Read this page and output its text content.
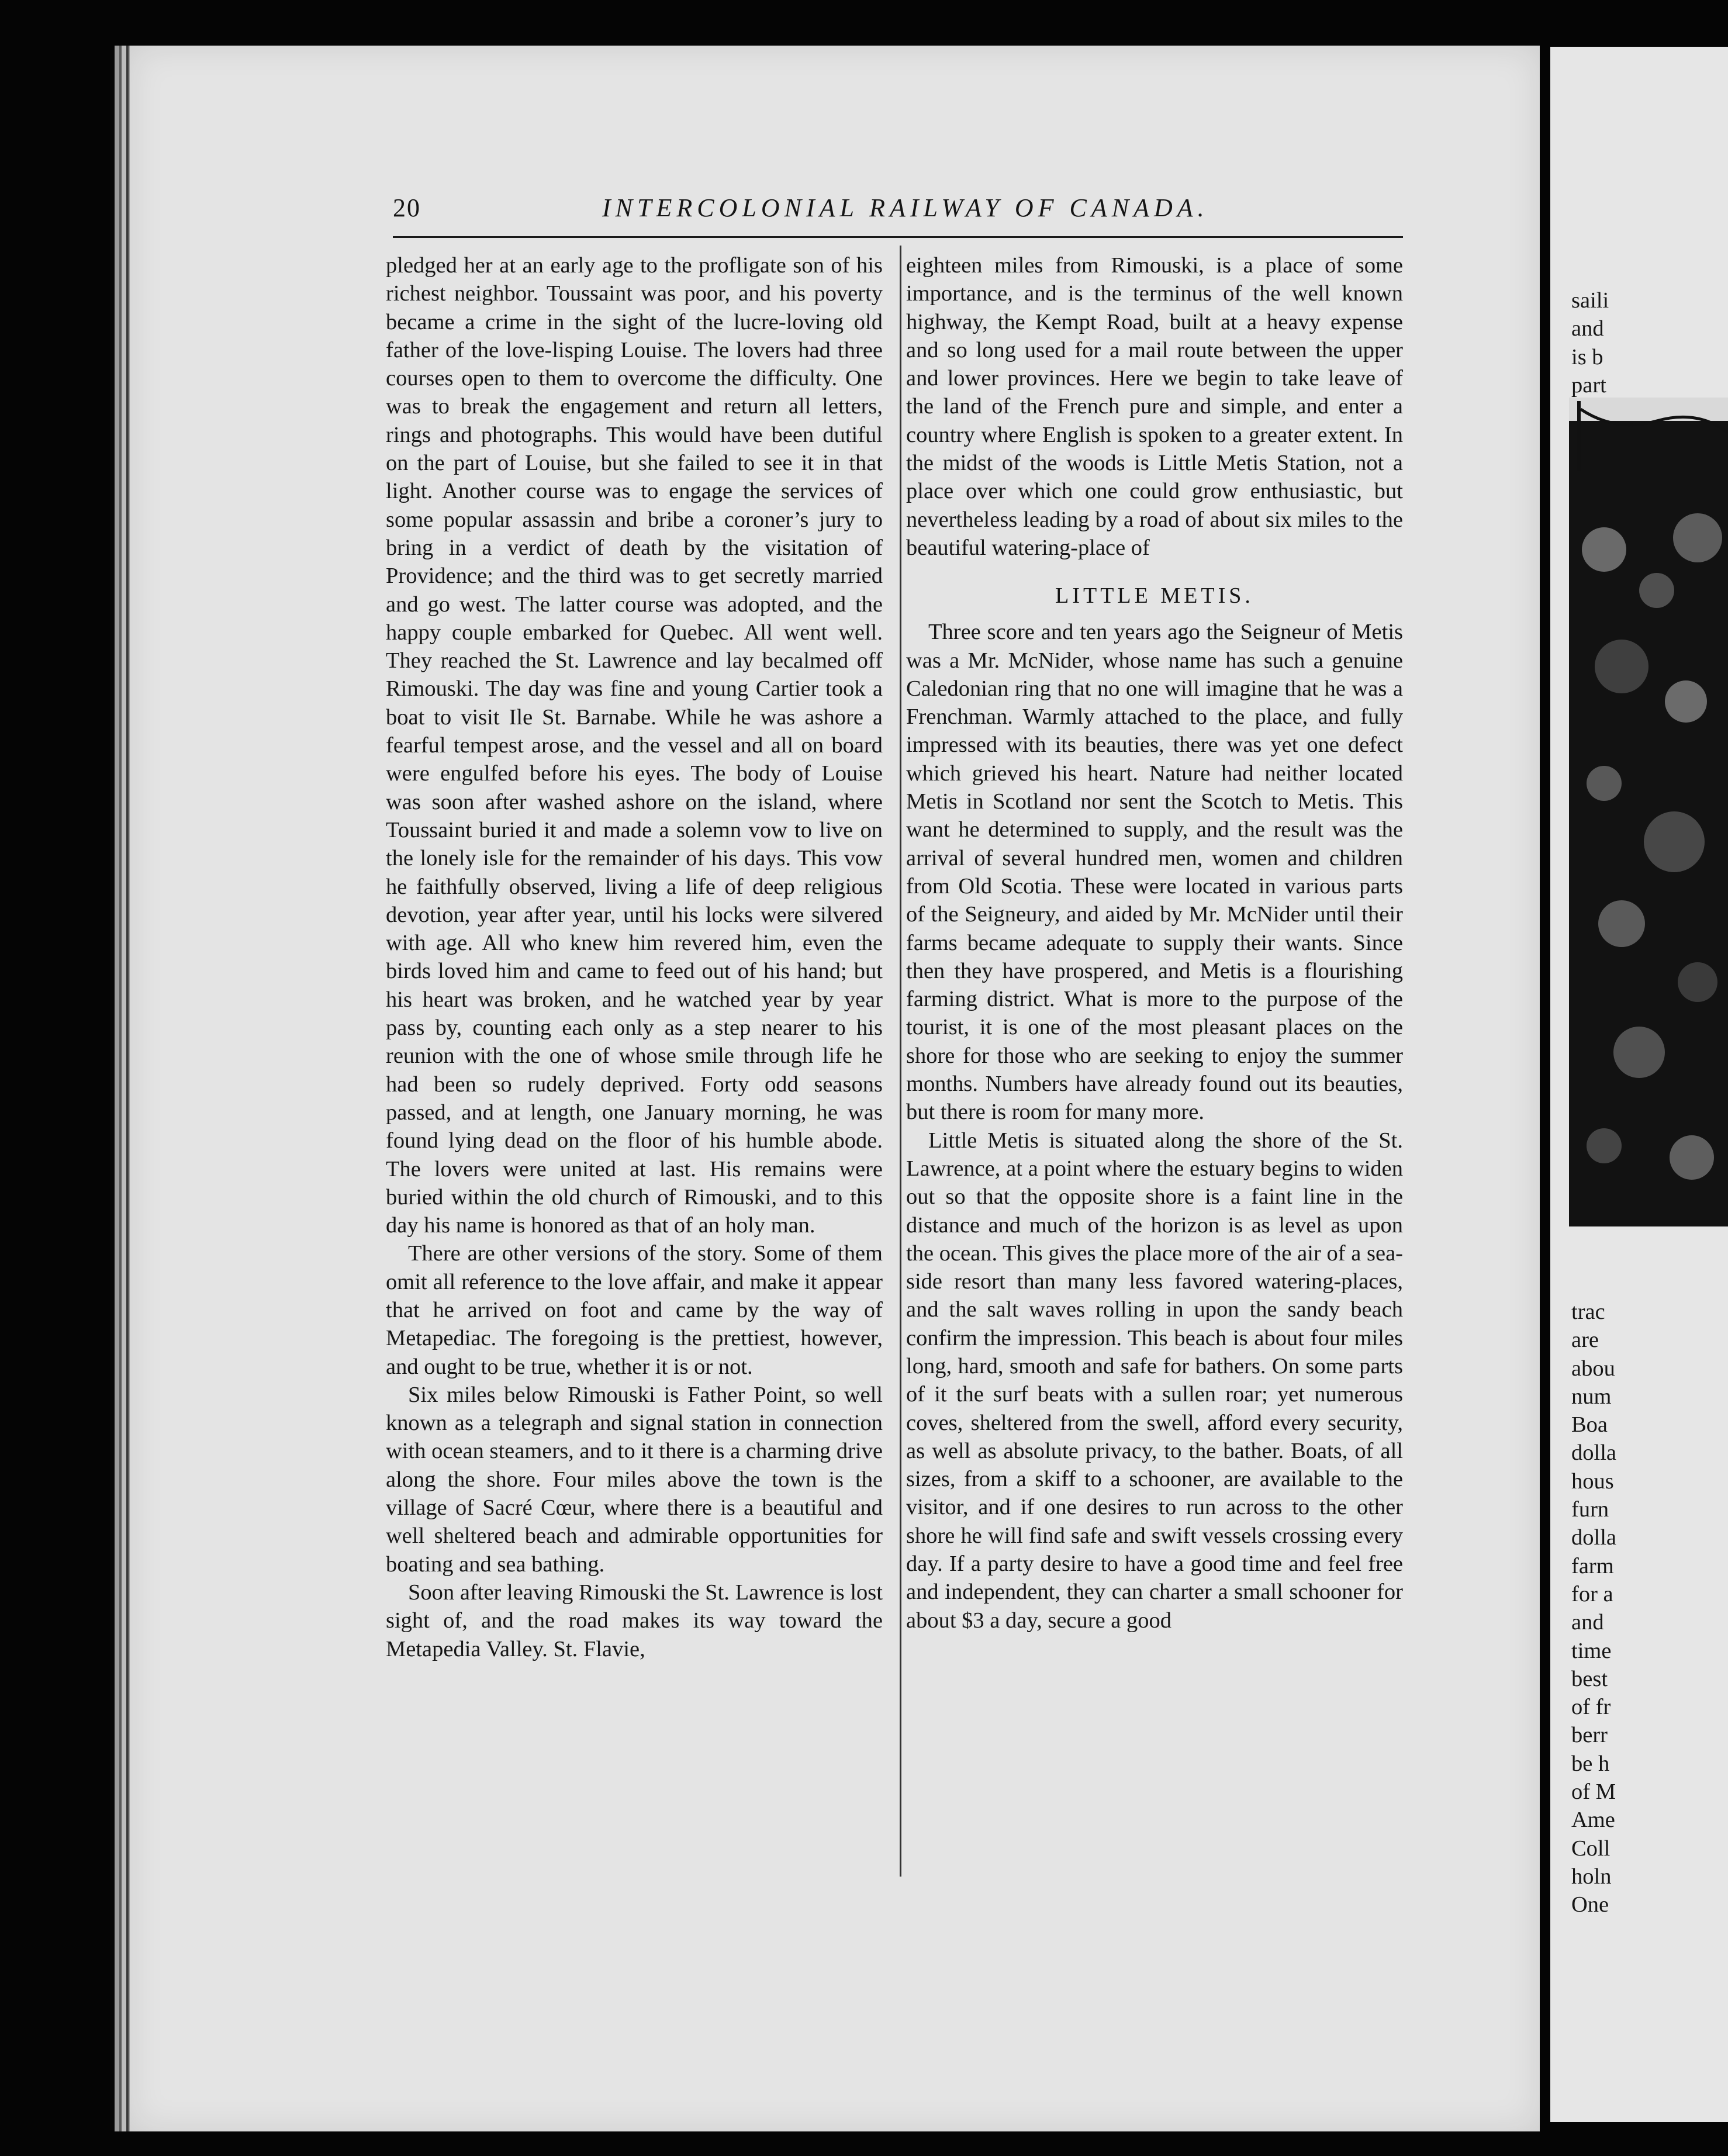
20	INTERCOLONIAL RAILWAY OF CANADA.

pledged her at an early age to the profligate son of his richest neighbor. Toussaint was poor, and his poverty became a crime in the sight of the lucre-loving old father of the love-lisping Louise. The lovers had three courses open to them to overcome the difficulty. One was to break the engagement and return all letters, rings and photographs. This would have been dutiful on the part of Louise, but she failed to see it in that light. Another course was to engage the services of some popular assassin and bribe a coroner’s jury to bring in a verdict of death by the visitation of Providence; and the third was to get secretly married and go west. The latter course was adopted, and the happy couple embarked for Quebec. All went well. They reached the St. Lawrence and lay becalmed off Rimouski. The day was fine and young Cartier took a boat to visit Ile St. Barnabe. While he was ashore a fearful tempest arose, and the vessel and all on board were engulfed before his eyes. The body of Louise was soon after washed ashore on the island, where Toussaint buried it and made a solemn vow to live on the lonely isle for the remainder of his days. This vow he faithfully observed, living a life of deep religious devotion, year after year, until his locks were silvered with age. All who knew him revered him, even the birds loved him and came to feed out of his hand; but his heart was broken, and he watched year by year pass by, counting each only as a step nearer to his reunion with the one of whose smile through life he had been so rudely deprived. Forty odd seasons passed, and at length, one January morning, he was found lying dead on the floor of his humble abode. The lovers were united at last. His remains were buried within the old church of Rimouski, and to this day his name is honored as that of an holy man.

There are other versions of the story. Some of them omit all reference to the love affair, and make it appear that he arrived on foot and came by the way of Metapediac. The foregoing is the prettiest, however, and ought to be true, whether it is or not.

Six miles below Rimouski is Father Point, so well known as a telegraph and signal station in connection with ocean steamers, and to it there is a charming drive along the shore. Four miles above the town is the village of Sacré Cœur, where there is a beautiful and well sheltered beach and admirable opportunities for boating and sea bathing.

Soon after leaving Rimouski the St. Lawrence is lost sight of, and the road makes its way toward the Metapedia Valley. St. Flavie,

eighteen miles from Rimouski, is a place of some importance, and is the terminus of the well known highway, the Kempt Road, built at a heavy expense and so long used for a mail route between the upper and lower provinces. Here we begin to take leave of the land of the French pure and simple, and enter a country where English is spoken to a greater extent. In the midst of the woods is Little Metis Station, not a place over which one could grow enthusiastic, but nevertheless leading by a road of about six miles to the beautiful watering-place of

LITTLE METIS.

Three score and ten years ago the Seigneur of Metis was a Mr. McNider, whose name has such a genuine Caledonian ring that no one will imagine that he was a Frenchman. Warmly attached to the place, and fully impressed with its beauties, there was yet one defect which grieved his heart. Nature had neither located Metis in Scotland nor sent the Scotch to Metis. This want he determined to supply, and the result was the arrival of several hundred men, women and children from Old Scotia. These were located in various parts of the Seigneury, and aided by Mr. McNider until their farms became adequate to supply their wants. Since then they have prospered, and Metis is a flourishing farming district. What is more to the purpose of the tourist, it is one of the most pleasant places on the shore for those who are seeking to enjoy the summer months. Numbers have already found out its beauties, but there is room for many more.

Little Metis is situated along the shore of the St. Lawrence, at a point where the estuary begins to widen out so that the opposite shore is a faint line in the distance and much of the horizon is as level as upon the ocean. This gives the place more of the air of a sea-side resort than many less favored watering-places, and the salt waves rolling in upon the sandy beach confirm the impression. This beach is about four miles long, hard, smooth and safe for bathers. On some parts of it the surf beats with a sullen roar; yet numerous coves, sheltered from the swell, afford every security, as well as absolute privacy, to the bather. Boats, of all sizes, from a skiff to a schooner, are available to the visitor, and if one desires to run across to the other shore he will find safe and swift vessels crossing every day. If a party desire to have a good time and feel free and independent, they can charter a small schooner for about $3 a day, secure a good

saili
and
is b
part

trac
are
abou
num
Boa
dolla
hous
furn
dolla
farm
for a
and
time
best
of fr
berr
be h
of M
Ame
Coll
holn
One
